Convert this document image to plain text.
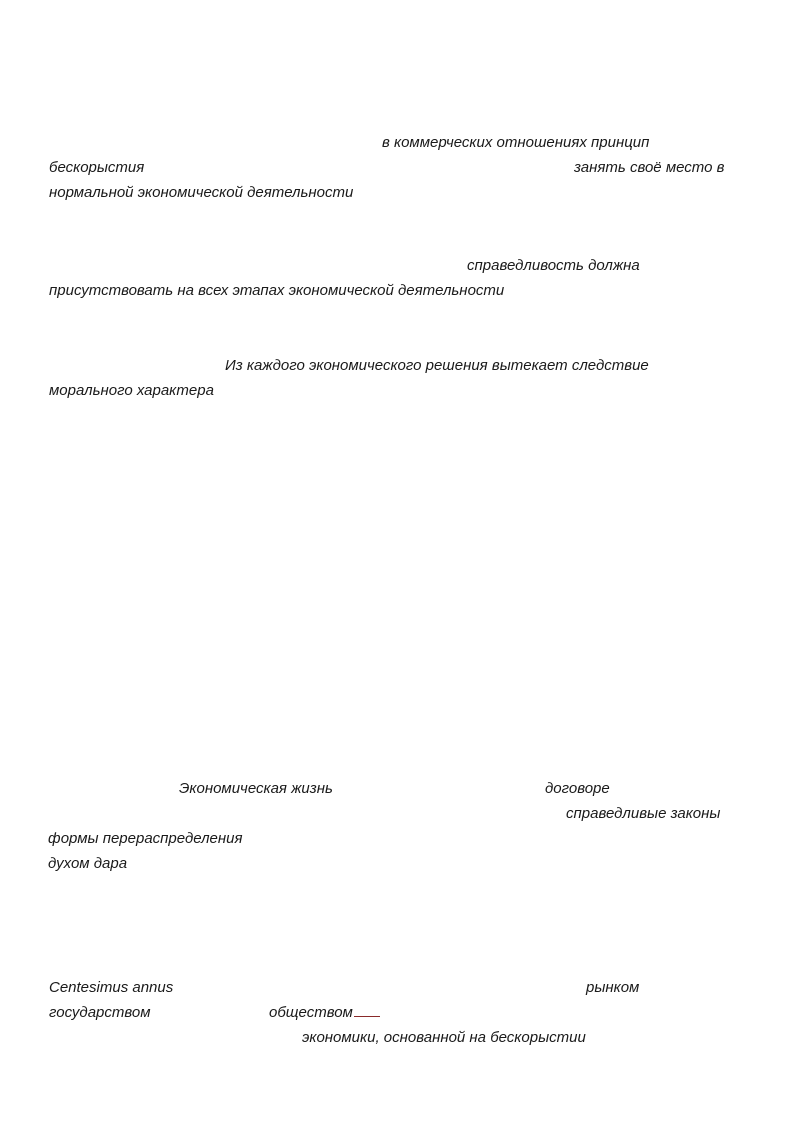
в коммерческих отношениях принцип
бескорыстия	занять своё место в
нормальной экономической деятельности
справедливость должна
присутствовать на всех этапах экономической деятельности
Из каждого экономического решения вытекает следствие
морального характера
Экономическая жизнь	договоре
справедливые законы
формы перераспределения
духом дара
Centesimus annus	рынком
государством	обществом
экономики, основанной на бескорыстии
